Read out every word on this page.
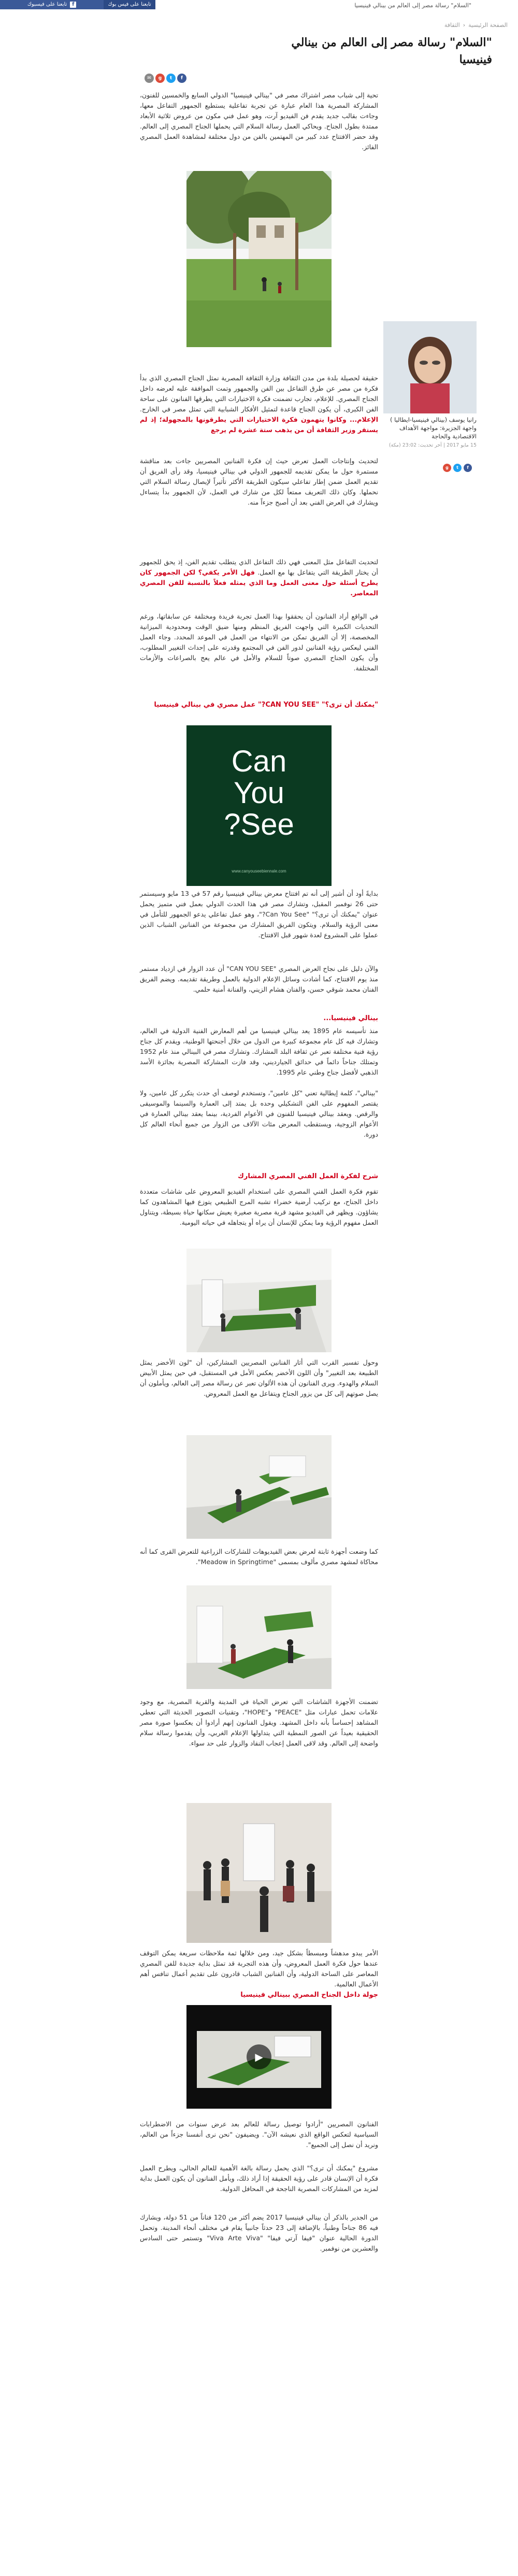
f
تابعنا على فيسبوك	تابعنا على فيس بوك	"السلام" رسالة مصر إلى العالم من بينالي فينيسيا
الصفحة الرئيسية
‹
الثقافة
"السلام" رسالة مصر إلى العالم من بينالي فينيسيا
f
t
g
✉
تحية إلى شباب مصر اشتراك مصر في "بينالي فينيسيا" الدولي السابع والخمسين للفنون، المشاركة المصرية هذا العام عبارة عن تجربة تفاعلية يستطيع الجمهور التفاعل معها، وجاءت بقالب جديد يقدم فن الفيديو آرت، وهو عمل فني مكون من عروض ثلاثية الأبعاد ممتدة بطول الجناح. ويحاكي العمل رسالة السلام التي يحملها الجناح المصري إلى العالم. وقد حضر الافتتاح عدد كبير من المهتمين بالفن من دول مختلفة لمشاهدة العمل المصري الفائز.
رانيا يوسف (بينالي فينيسيا-ايطاليا ) واجهة الجزيرة: مواجهة الأهداف الاقتصادية والحاجة
15 مايو 2017 | آخر تحديث: 23:02 (مكة)
f
t
g
حقيقة لحصيلة بلدة من مدن الثقافة وزارة الثقافة المصرية نمثل الجناح المصري الذي بدأ فكرة من مصر عن طرق التفاعل بين الفن والجمهور وتمت الموافقة عليه لعرضه داخل الجناح المصري. للإعلام، تجارب تضمنت فكرة الاختيارات التي يطرقها الفنانون على ساحة الفن الكبرى، أن يكون الجناح قاعدة لتمثيل الأفكار الشبابية التي تمثل مصر في الخارج. الإعلام... وكانوا يتهمون فكرة الاختيارات التي يطرقونها بالمجهولة؛ إذ لم يستقر وزير الثقافة أن من يذهب ستة عشرة لم يرجع
لتحديث وإنتاجات العمل تعرض حيث إن فكرة الفنانين المصريين جاءت بعد مناقشة مستمرة حول ما يمكن تقديمه للجمهور الدولي في بينالي فينيسيا، وقد رأى الفريق أن تقديم العمل ضمن إطار تفاعلي سيكون الطريقة الأكثر تأثيراً لإيصال رسالة السلام التي نحملها. وكان ذلك التعريف ممتعاً لكل من شارك في العمل، لأن الجمهور بدأ يتساءل ويشارك في العرض الفني بعد أن أصبح جزءاً منه.
لتحديث التفاعل مثل المعنى فهي ذلك التفاعل الذي يتطلب تقديم الفن، إذ يحق للجمهور أن يختار الطريقة التي يتفاعل بها مع العمل. فهل الأمر يكفي؟ لكن الجمهور كان يطرح أسئلة حول معنى العمل وما الذي يمثله فعلاً بالنسبة للفن المصري المعاصر.
في الواقع أراد الفنانون أن يحققوا بهذا العمل تجربة فريدة ومختلفة عن سابقاتها، ورغم التحديات الكبيرة التي واجهت الفريق المنظم ومنها ضيق الوقت ومحدودية الميزانية المخصصة، إلا أن الفريق تمكن من الانتهاء من العمل في الموعد المحدد. وجاء العمل الفني ليعكس رؤية الفنانين لدور الفن في المجتمع وقدرته على إحداث التغيير المطلوب، وأن يكون الجناح المصري صوتاً للسلام والأمل في عالم يعج بالصراعات والأزمات المختلفة.
"يمكنك أن ترى؟" "CAN YOU SEE?" عمل مصري في بينالي فينيسيا
Can
You
See?
www.canyouseebiennale.com
بدايةً أود أن أشير إلى أنه تم افتتاح معرض بينالي فينيسيا رقم 57 في 13 مايو وسيستمر حتى 26 نوفمبر المقبل، وتشارك مصر في هذا الحدث الدولي بعمل فني متميز يحمل عنوان "يمكنك أن ترى؟" "Can You See?"، وهو عمل تفاعلي يدعو الجمهور للتأمل في معنى الرؤية والسلام. ويتكون الفريق المشارك من مجموعة من الفنانين الشباب الذين عملوا على المشروع لعدة شهور قبل الافتتاح.
والآن دليل على نجاح العرض المصري "CAN YOU SEE" أن عدد الزوار في ازدياد مستمر منذ يوم الافتتاح، كما أشادت وسائل الإعلام الدولية بالعمل وطريقة تقديمه. ويضم الفريق الفنان محمد شوقي حسن، والفنان هشام الزيني، والفنانة أمنية حلمي.
بينالي فينيسيا...
منذ تأسيسه عام 1895 يعد بينالي فينيسيا من أهم المعارض الفنية الدولية في العالم، وتشارك فيه كل عام مجموعة كبيرة من الدول من خلال أجنحتها الوطنية، ويقدم كل جناح رؤية فنية مختلفة تعبر عن ثقافة البلد المشارك. وتشارك مصر في البينالي منذ عام 1952 وتمتلك جناحاً دائماً في حدائق الجيارديني، وقد فازت المشاركة المصرية بجائزة الأسد الذهبي لأفضل جناح وطني عام 1995.
"بينالي"، كلمة إيطالية تعني "كل عامين"، وتستخدم لوصف أي حدث يتكرر كل عامين، ولا يقتصر المفهوم على الفن التشكيلي وحده بل يمتد إلى العمارة والسينما والموسيقى والرقص. ويعقد بينالي فينيسيا للفنون في الأعوام الفردية، بينما يعقد بينالي العمارة في الأعوام الزوجية، ويستقطب المعرض مئات الآلاف من الزوار من جميع أنحاء العالم كل دورة.
شرح لفكرة العمل الفني المصري المشارك
تقوم فكرة العمل الفني المصري على استخدام الفيديو المعروض على شاشات متعددة داخل الجناح، مع تركيب أرضية خضراء تشبه المرج الطبيعي يتوزع فيها المشاهدون كما يشاؤون. ويظهر في الفيديو مشهد قرية مصرية صغيرة يعيش سكانها حياة بسيطة، ويتناول العمل مفهوم الرؤية وما يمكن للإنسان أن يراه أو يتجاهله في حياته اليومية.
وحول تفسير القرب التي أثار الفنانين المصريين المشاركين، أن "لون الأخضر يمثل الطبيعة بعد التغيير" وأن اللون الأخضر يعكس الأمل في المستقبل، في حين يمثل الأبيض السلام والهدوء. ويرى الفنانون أن هذه الألوان تعبر عن رسالة مصر إلى العالم، ويأملون أن يصل صوتهم إلى كل من يزور الجناح ويتفاعل مع العمل المعروض.
كما وضعت أجهزة ثابتة لعرض بعض الفيديوهات للشاركات الزراعية للتعرض القرى كما أنه محاكاة لمشهد مصري مألوف بمسمى "Meadow in Springtime".
تضمنت الأجهزة الشاشات التي تعرض الحياة في المدينة والقرية المصرية، مع وجود علامات تحمل عبارات مثل "PEACE" و"HOPE"، وتقنيات التصوير الحديثة التي تعطي المشاهد إحساساً بأنه داخل المشهد. ويقول الفنانون إنهم أرادوا أن يعكسوا صورة مصر الحقيقية بعيداً عن الصور النمطية التي يتداولها الإعلام الغربي، وأن يقدموا رسالة سلام واضحة إلى العالم. وقد لاقى العمل إعجاب النقاد والزوار على حد سواء.
الأمر يبدو مدهشاً ومبسطاً بشكل جيد، ومن خلالها ثمة ملاحظات سريعة يمكن التوقف عندها حول فكرة العمل المعروض، وأن هذه التجربة قد تمثل بداية جديدة للفن المصري المعاصر على الساحة الدولية، وأن الفنانين الشباب قادرون على تقديم أعمال تنافس أهم الأعمال العالمية.
جولة داخل الجناح المصري ببينالي فينيسيا
▶
الفنانون المصريين "أرادوا توصيل رسالة للعالم بعد عرض سنوات من الاضطرابات السياسية لتعكس الواقع الذي نعيشه الآن". ويضيفون "نحن نرى أنفسنا جزءاً من العالم، ونريد أن نصل إلى الجميع".
مشروع "يمكنك أن ترى؟" الذي يحمل رسالة بالغة الأهمية للعالم الحالي، ويطرح العمل فكرة أن الإنسان قادر على رؤية الحقيقة إذا أراد ذلك، ويأمل الفنانون أن يكون العمل بداية لمزيد من المشاركات المصرية الناجحة في المحافل الدولية.
من الجدير بالذكر أن بينالي فينيسيا 2017 يضم أكثر من 120 فناناً من 51 دولة، ويشارك فيه 86 جناحاً وطنياً، بالإضافة إلى 23 حدثاً جانبياً يقام في مختلف أنحاء المدينة. وتحمل الدورة الحالية عنوان "فيفا آرتي فيفا" "Viva Arte Viva" وتستمر حتى السادس والعشرين من نوفمبر.
